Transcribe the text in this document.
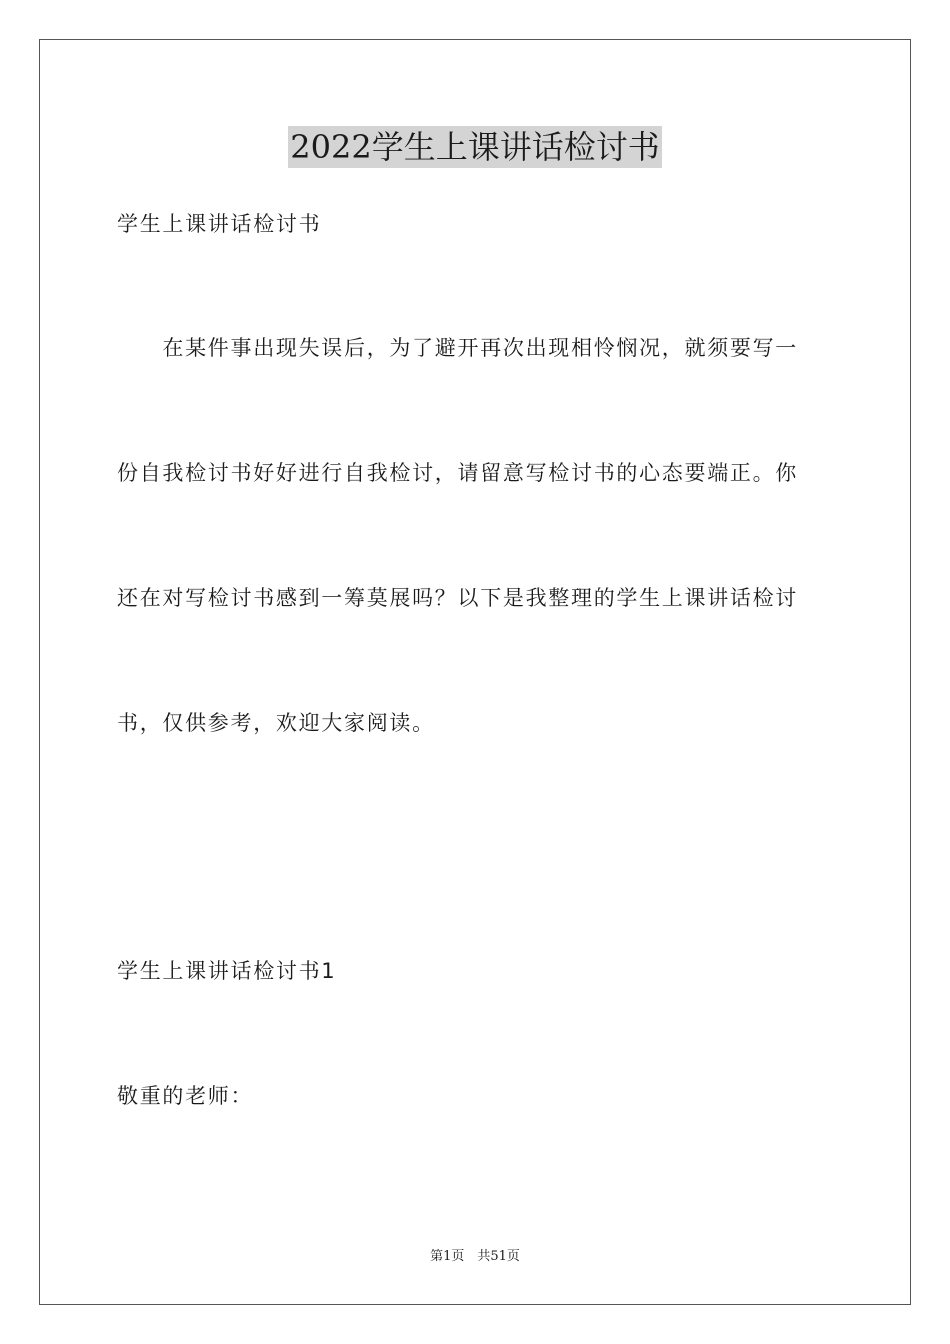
2022学生上课讲话检讨书
学生上课讲话检讨书
　　在某件事出现失误后，为了避开再次出现相怜悯况，就须要写一
份自我检讨书好好进行自我检讨，请留意写检讨书的心态要端正。你
还在对写检讨书感到一筹莫展吗？以下是我整理的学生上课讲话检讨
书，仅供参考，欢迎大家阅读。
学生上课讲话检讨书1
敬重的老师：
第1页　共51页
